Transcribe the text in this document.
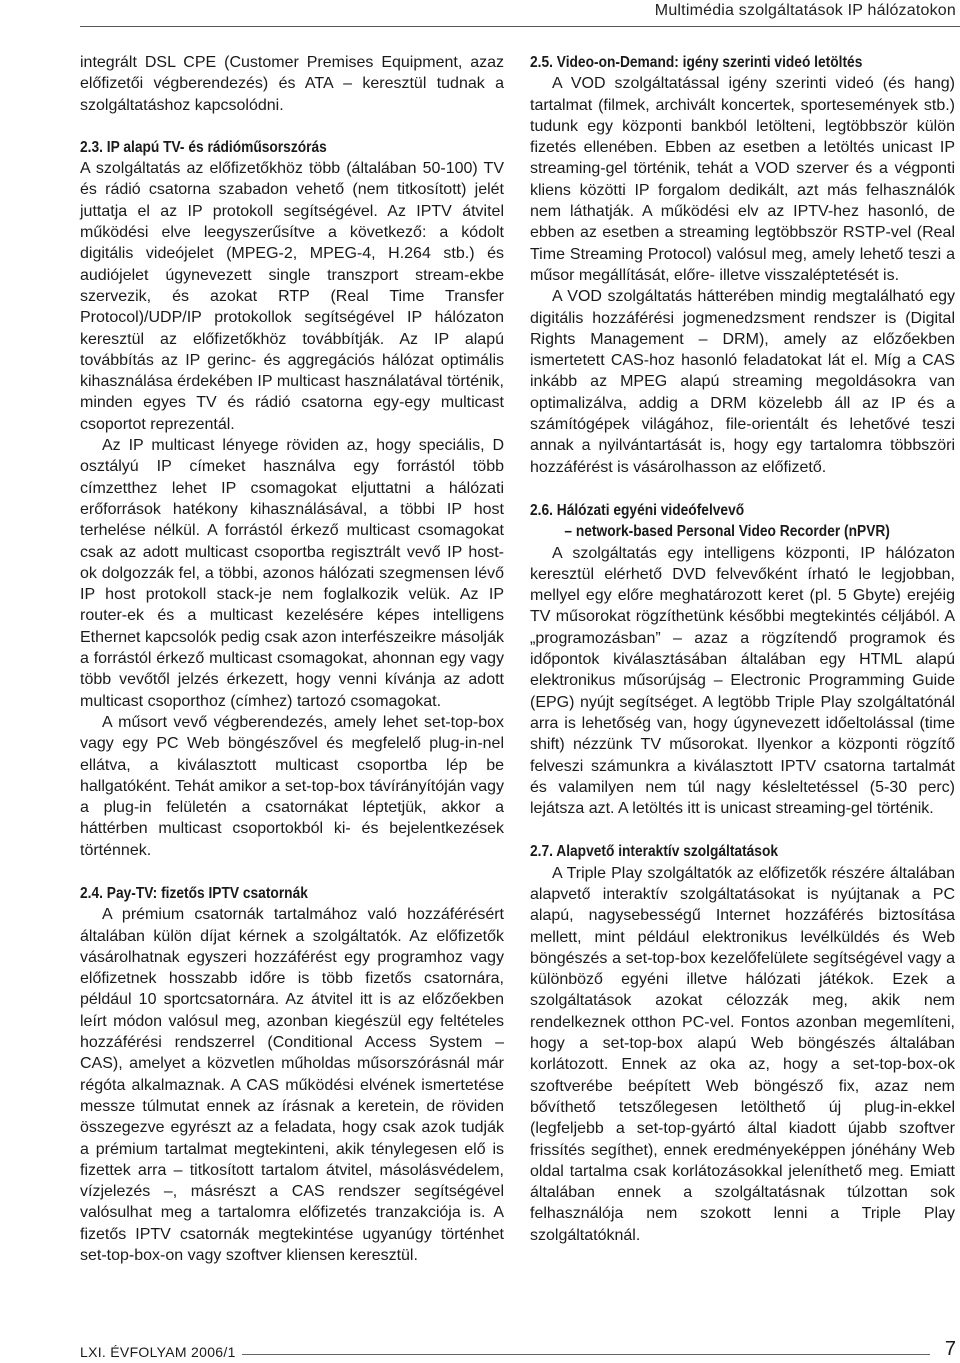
Multimédia szolgáltatások IP hálózatokon

integrált DSL CPE (Customer Premises Equipment, azaz előfizetői végberendezés) és ATA – keresztül tudnak a szolgáltatáshoz kapcsolódni.

2.3. IP alapú TV- és rádióműsorszórás

A szolgáltatás az előfizetőkhöz több (általában 50-100) TV és rádió csatorna szabadon vehető (nem titkosított) jelét juttatja el az IP protokoll segítségével. Az IPTV átvitel működési elve leegyszerűsítve a következő: a kódolt digitális videójelet (MPEG-2, MPEG-4, H.264 stb.) és audiójelet úgynevezett single transzport stream-ekbe szervezik, és azokat RTP (Real Time Transfer Protocol)/UDP/IP protokollok segítségével IP hálózaton keresztül az előfizetőkhöz továbbítják. Az IP alapú továbbítás az IP gerinc- és aggregációs hálózat optimális kihasználása érdekében IP multicast használatával történik, minden egyes TV és rádió csatorna egy-egy multicast csoportot reprezentál.

Az IP multicast lényege röviden az, hogy speciális, D osztályú IP címeket használva egy forrástól több címzetthez lehet IP csomagokat eljuttatni a hálózati erőforrások hatékony kihasználásával, a többi IP host terhelése nélkül. A forrástól érkező multicast csomagokat csak az adott multicast csoportba regisztrált vevő IP host-ok dolgozzák fel, a többi, azonos hálózati szegmensen lévő IP host protokoll stack-je nem foglalkozik velük. Az IP router-ek és a multicast kezelésére képes intelligens Ethernet kapcsolók pedig csak azon interfészeikre másolják a forrástól érkező multicast csomagokat, ahonnan egy vagy több vevőtől jelzés érkezett, hogy venni kívánja az adott multicast csoporthoz (címhez) tartozó csomagokat.

A műsort vevő végberendezés, amely lehet set-top-box vagy egy PC Web böngészővel és megfelelő plug-in-nel ellátva, a kiválasztott multicast csoportba lép be hallgatóként. Tehát amikor a set-top-box távírányítóján vagy a plug-in felületén a csatornákat léptetjük, akkor a háttérben multicast csoportokból ki- és bejelentkezések történnek.

2.4. Pay-TV: fizetős IPTV csatornák

A prémium csatornák tartalmához való hozzáférésért általában külön díjat kérnek a szolgáltatók. Az előfizetők vásárolhatnak egyszeri hozzáférést egy programhoz vagy előfizetnek hosszabb időre is több fizetős csatornára, például 10 sportcsatornára. Az átvitel itt is az előzőekben leírt módon valósul meg, azonban kiegészül egy feltételes hozzáférési rendszerrel (Conditional Access System – CAS), amelyet a közvetlen műholdas műsorszórásnál már régóta alkalmaznak. A CAS működési elvének ismertetése messze túlmutat ennek az írásnak a keretein, de röviden összegezve egyrészt az a feladata, hogy csak azok tudják a prémium tartalmat megtekinteni, akik ténylegesen elő is fizettek arra – titkosított tartalom átvitel, másolásvédelem, vízjelezés –, másrészt a CAS rendszer segítségével valósulhat meg a tartalomra előfizetés tranzakciója is. A fizetős IPTV csatornák megtekintése ugyanúgy történhet set-top-box-on vagy szoftver kliensen keresztül.

2.5. Video-on-Demand: igény szerinti videó letöltés

A VOD szolgáltatással igény szerinti videó (és hang) tartalmat (filmek, archivált koncertek, sportesemények stb.) tudunk egy központi bankból letölteni, legtöbbször külön fizetés ellenében. Ebben az esetben a letöltés unicast IP streaming-gel történik, tehát a VOD szerver és a végponti kliens közötti IP forgalom dedikált, azt más felhasználók nem láthatják. A működési elv az IPTV-hez hasonló, de ebben az esetben a streaming legtöbbször RSTP-vel (Real Time Streaming Protocol) valósul meg, amely lehető teszi a műsor megállítását, előre- illetve visszaléptetését is.

A VOD szolgáltatás hátterében mindig megtalálható egy digitális hozzáférési jogmenedzsment rendszer is (Digital Rights Management – DRM), amely az előzőekben ismertetett CAS-hoz hasonló feladatokat lát el. Míg a CAS inkább az MPEG alapú streaming megoldásokra van optimalizálva, addig a DRM közelebb áll az IP és a számítógépek világához, file-orientált és lehetővé teszi annak a nyilvántartását is, hogy egy tartalomra többszöri hozzáférést is vásárolhasson az előfizető.

2.6. Hálózati egyéni videófelvevő
– network-based Personal Video Recorder (nPVR)

A szolgáltatás egy intelligens központi, IP hálózaton keresztül elérhető DVD felvevőként írható le legjobban, mellyel egy előre meghatározott keret (pl. 5 Gbyte) erejéig TV műsorokat rögzíthetünk későbbi megtekintés céljából. A „programozásban” – azaz a rögzítendő programok és időpontok kiválasztásában általában egy HTML alapú elektronikus műsorújság – Electronic Programming Guide (EPG) nyújt segítséget. A legtöbb Triple Play szolgáltatónál arra is lehetőség van, hogy úgynevezett időeltolással (time shift) nézzünk TV műsorokat. Ilyenkor a központi rögzítő felveszi számunkra a kiválasztott IPTV csatorna tartalmát és valamilyen nem túl nagy késleltetéssel (5-30 perc) lejátsza azt. A letöltés itt is unicast streaming-gel történik.

2.7. Alapvető interaktív szolgáltatások

A Triple Play szolgáltatók az előfizetők részére általában alapvető interaktív szolgáltatásokat is nyújtanak a PC alapú, nagysebességű Internet hozzáférés biztosítása mellett, mint például elektronikus levélküldés és Web böngészés a set-top-box kezelőfelülete segítségével vagy a különböző egyéni illetve hálózati játékok. Ezek a szolgáltatások azokat célozzák meg, akik nem rendelkeznek otthon PC-vel. Fontos azonban megemlíteni, hogy a set-top-box alapú Web böngészés általában korlátozott. Ennek az oka az, hogy a set-top-box-ok szoftverébe beépített Web böngésző fix, azaz nem bővíthető tetszőlegesen letölthető új plug-in-ekkel (legfeljebb a set-top-gyártó által kiadott újabb szoftver frissítés segíthet), ennek eredményeképpen jónéhány Web oldal tartalma csak korlátozásokkal jeleníthető meg. Emiatt általában ennek a szolgáltatásnak túlzottan sok felhasználója nem szokott lenni a Triple Play szolgáltatóknál.

LXI. ÉVFOLYAM 2006/1	7
